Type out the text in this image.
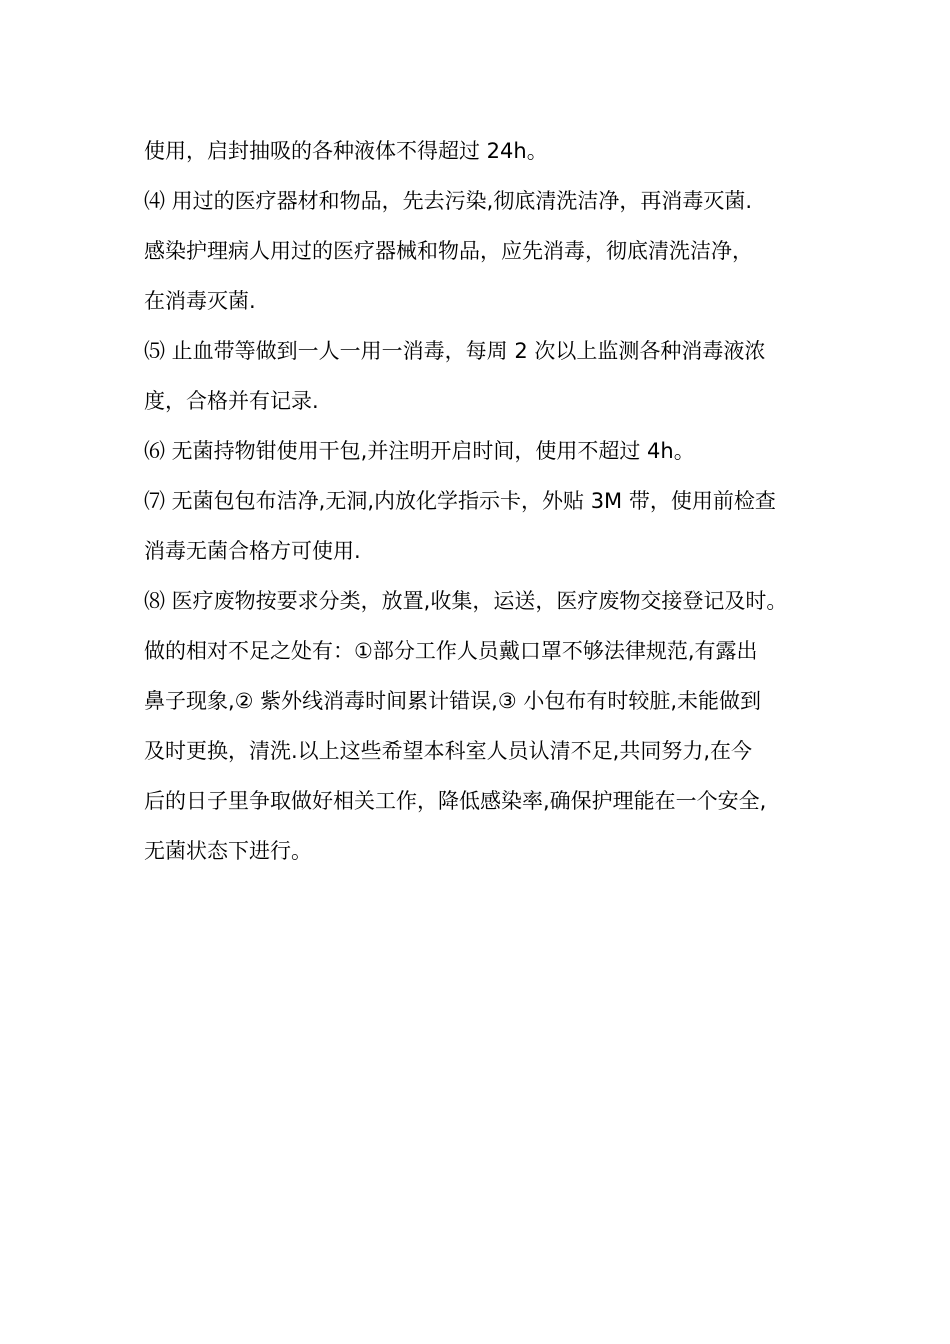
使用，启封抽吸的各种液体不得超过 24h。
⑷ 用过的医疗器材和物品，先去污染,彻底清洗洁净，再消毒灭菌.
感染护理病人用过的医疗器械和物品，应先消毒，彻底清洗洁净，
在消毒灭菌.
⑸ 止血带等做到一人一用一消毒，每周 2 次以上监测各种消毒液浓
度，合格并有记录.
⑹ 无菌持物钳使用干包,并注明开启时间，使用不超过 4h。
⑺ 无菌包包布洁净,无洞,内放化学指示卡，外贴 3M 带，使用前检查
消毒无菌合格方可使用.
⑻ 医疗废物按要求分类，放置,收集，运送，医疗废物交接登记及时。
做的相对不足之处有：①部分工作人员戴口罩不够法律规范,有露出
鼻子现象,② 紫外线消毒时间累计错误,③ 小包布有时较脏,未能做到
及时更换，清洗.以上这些希望本科室人员认清不足,共同努力,在今
后的日子里争取做好相关工作，降低感染率,确保护理能在一个安全,
无菌状态下进行。
